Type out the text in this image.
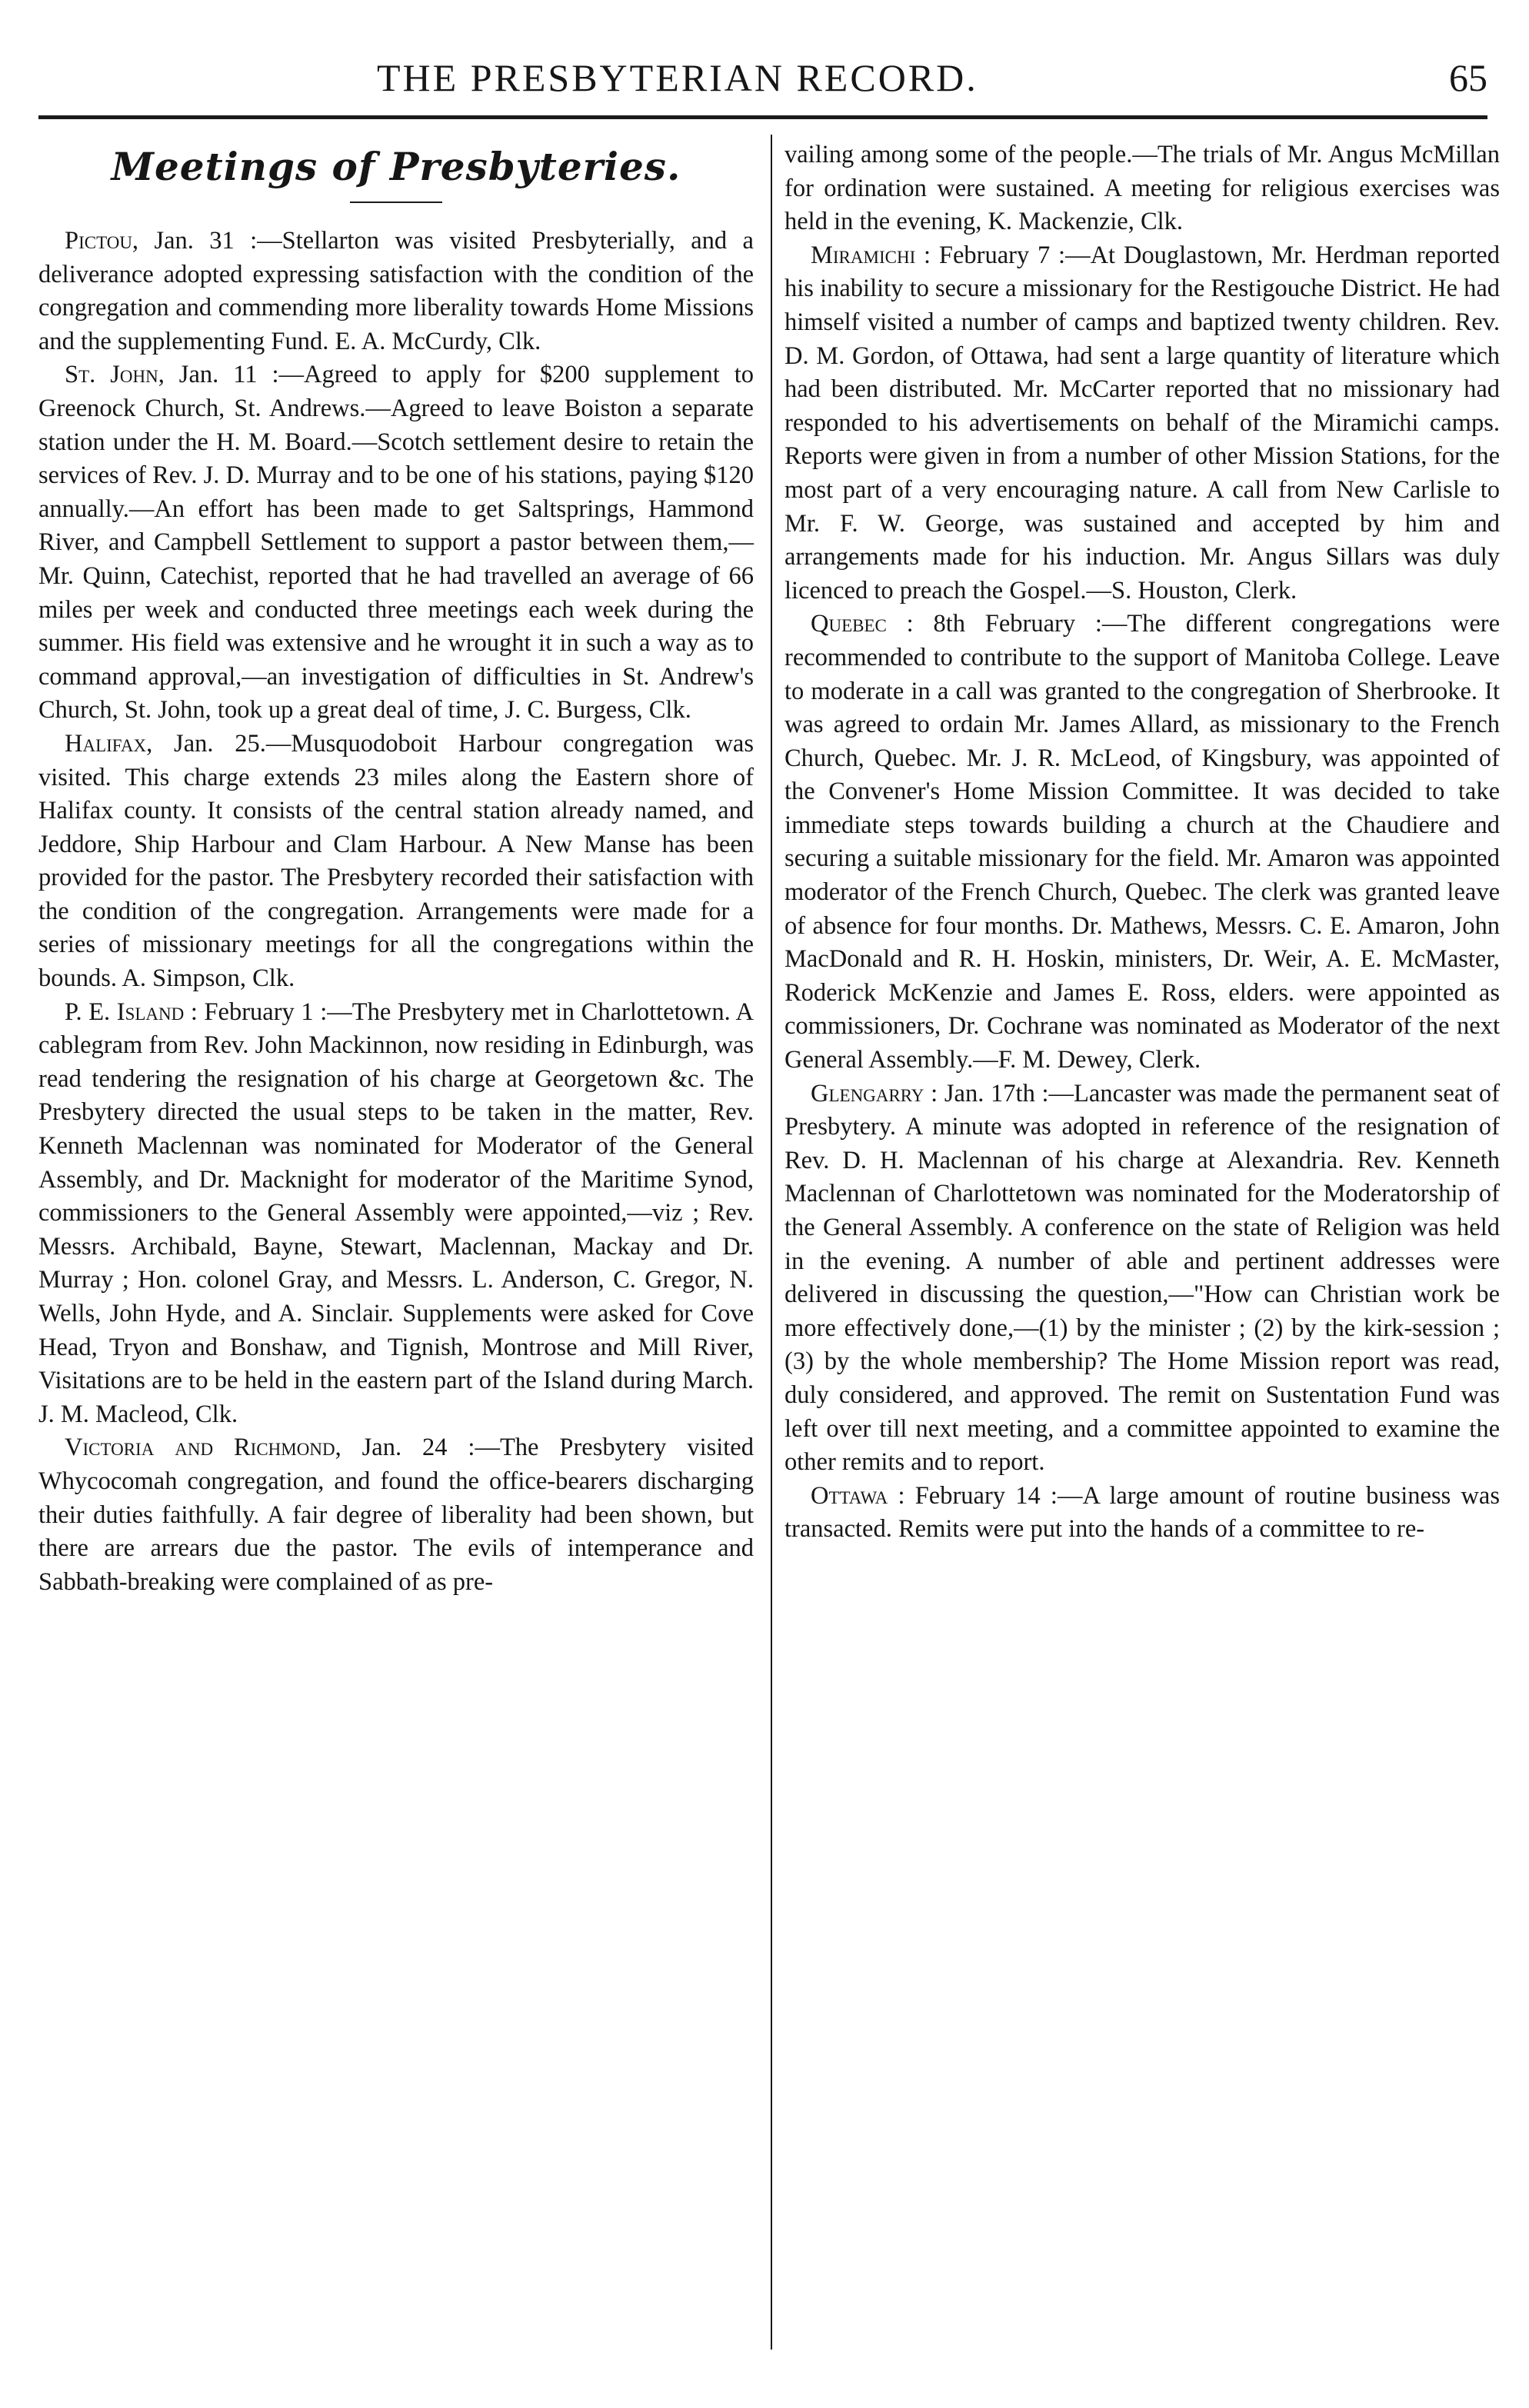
THE PRESBYTERIAN RECORD.	65
Meetings of Presbyteries.

Pictou, Jan. 31 :—Stellarton was visited Presbyterially, and a deliverance adopted expressing satisfaction with the condition of the congregation and commending more liberality towards Home Missions and the supplementing Fund. E. A. McCurdy, Clk.

St. John, Jan. 11 :—Agreed to apply for $200 supplement to Greenock Church, St. Andrews.—Agreed to leave Boiston a separate station under the H. M. Board.—Scotch settlement desire to retain the services of Rev. J. D. Murray and to be one of his stations, paying $120 annually.—An effort has been made to get Saltsprings, Hammond River, and Campbell Settlement to support a pastor between them,—Mr. Quinn, Catechist, reported that he had travelled an average of 66 miles per week and conducted three meetings each week during the summer. His field was extensive and he wrought it in such a way as to command approval,—an investigation of difficulties in St. Andrew's Church, St. John, took up a great deal of time, J. C. Burgess, Clk.

Halifax, Jan. 25.—Musquodoboit Harbour congregation was visited. This charge extends 23 miles along the Eastern shore of Halifax county. It consists of the central station already named, and Jeddore, Ship Harbour and Clam Harbour. A New Manse has been provided for the pastor. The Presbytery recorded their satisfaction with the condition of the congregation. Arrangements were made for a series of missionary meetings for all the congregations within the bounds. A. Simpson, Clk.

P. E. Island : February 1 :—The Presbytery met in Charlottetown. A cablegram from Rev. John Mackinnon, now residing in Edinburgh, was read tendering the resignation of his charge at Georgetown &c. The Presbytery directed the usual steps to be taken in the matter, Rev. Kenneth Maclennan was nominated for Moderator of the General Assembly, and Dr. Macknight for moderator of the Maritime Synod, commissioners to the General Assembly were appointed,—viz ; Rev. Messrs. Archibald, Bayne, Stewart, Maclennan, Mackay and Dr. Murray ; Hon. colonel Gray, and Messrs. L. Anderson, C. Gregor, N. Wells, John Hyde, and A. Sinclair. Supplements were asked for Cove Head, Tryon and Bonshaw, and Tignish, Montrose and Mill River, Visitations are to be held in the eastern part of the Island during March. J. M. Macleod, Clk.

Victoria and Richmond, Jan. 24 :—The Presbytery visited Whycocomah congregation, and found the office-bearers discharging their duties faithfully. A fair degree of liberality had been shown, but there are arrears due the pastor. The evils of intemperance and Sabbath-breaking were complained of as pre-

vailing among some of the people.—The trials of Mr. Angus McMillan for ordination were sustained. A meeting for religious exercises was held in the evening, K. Mackenzie, Clk.

Miramichi : February 7 :—At Douglastown, Mr. Herdman reported his inability to secure a missionary for the Restigouche District. He had himself visited a number of camps and baptized twenty children. Rev. D. M. Gordon, of Ottawa, had sent a large quantity of literature which had been distributed. Mr. McCarter reported that no missionary had responded to his advertisements on behalf of the Miramichi camps. Reports were given in from a number of other Mission Stations, for the most part of a very encouraging nature. A call from New Carlisle to Mr. F. W. George, was sustained and accepted by him and arrangements made for his induction. Mr. Angus Sillars was duly licenced to preach the Gospel.—S. Houston, Clerk.

Quebec : 8th February :—The different congregations were recommended to contribute to the support of Manitoba College. Leave to moderate in a call was granted to the congregation of Sherbrooke. It was agreed to ordain Mr. James Allard, as missionary to the French Church, Quebec. Mr. J. R. McLeod, of Kingsbury, was appointed of the Convener's Home Mission Committee. It was decided to take immediate steps towards building a church at the Chaudiere and securing a suitable missionary for the field. Mr. Amaron was appointed moderator of the French Church, Quebec. The clerk was granted leave of absence for four months. Dr. Mathews, Messrs. C. E. Amaron, John MacDonald and R. H. Hoskin, ministers, Dr. Weir, A. E. McMaster, Roderick McKenzie and James E. Ross, elders. were appointed as commissioners, Dr. Cochrane was nominated as Moderator of the next General Assembly.—F. M. Dewey, Clerk.

Glengarry : Jan. 17th :—Lancaster was made the permanent seat of Presbytery. A minute was adopted in reference of the resignation of Rev. D. H. Maclennan of his charge at Alexandria. Rev. Kenneth Maclennan of Charlottetown was nominated for the Moderatorship of the General Assembly. A conference on the state of Religion was held in the evening. A number of able and pertinent addresses were delivered in discussing the question,—"How can Christian work be more effectively done,—(1) by the minister ; (2) by the kirk-session ; (3) by the whole membership? The Home Mission report was read, duly considered, and approved. The remit on Sustentation Fund was left over till next meeting, and a committee appointed to examine the other remits and to report.

Ottawa : February 14 :—A large amount of routine business was transacted. Remits were put into the hands of a committee to re-
